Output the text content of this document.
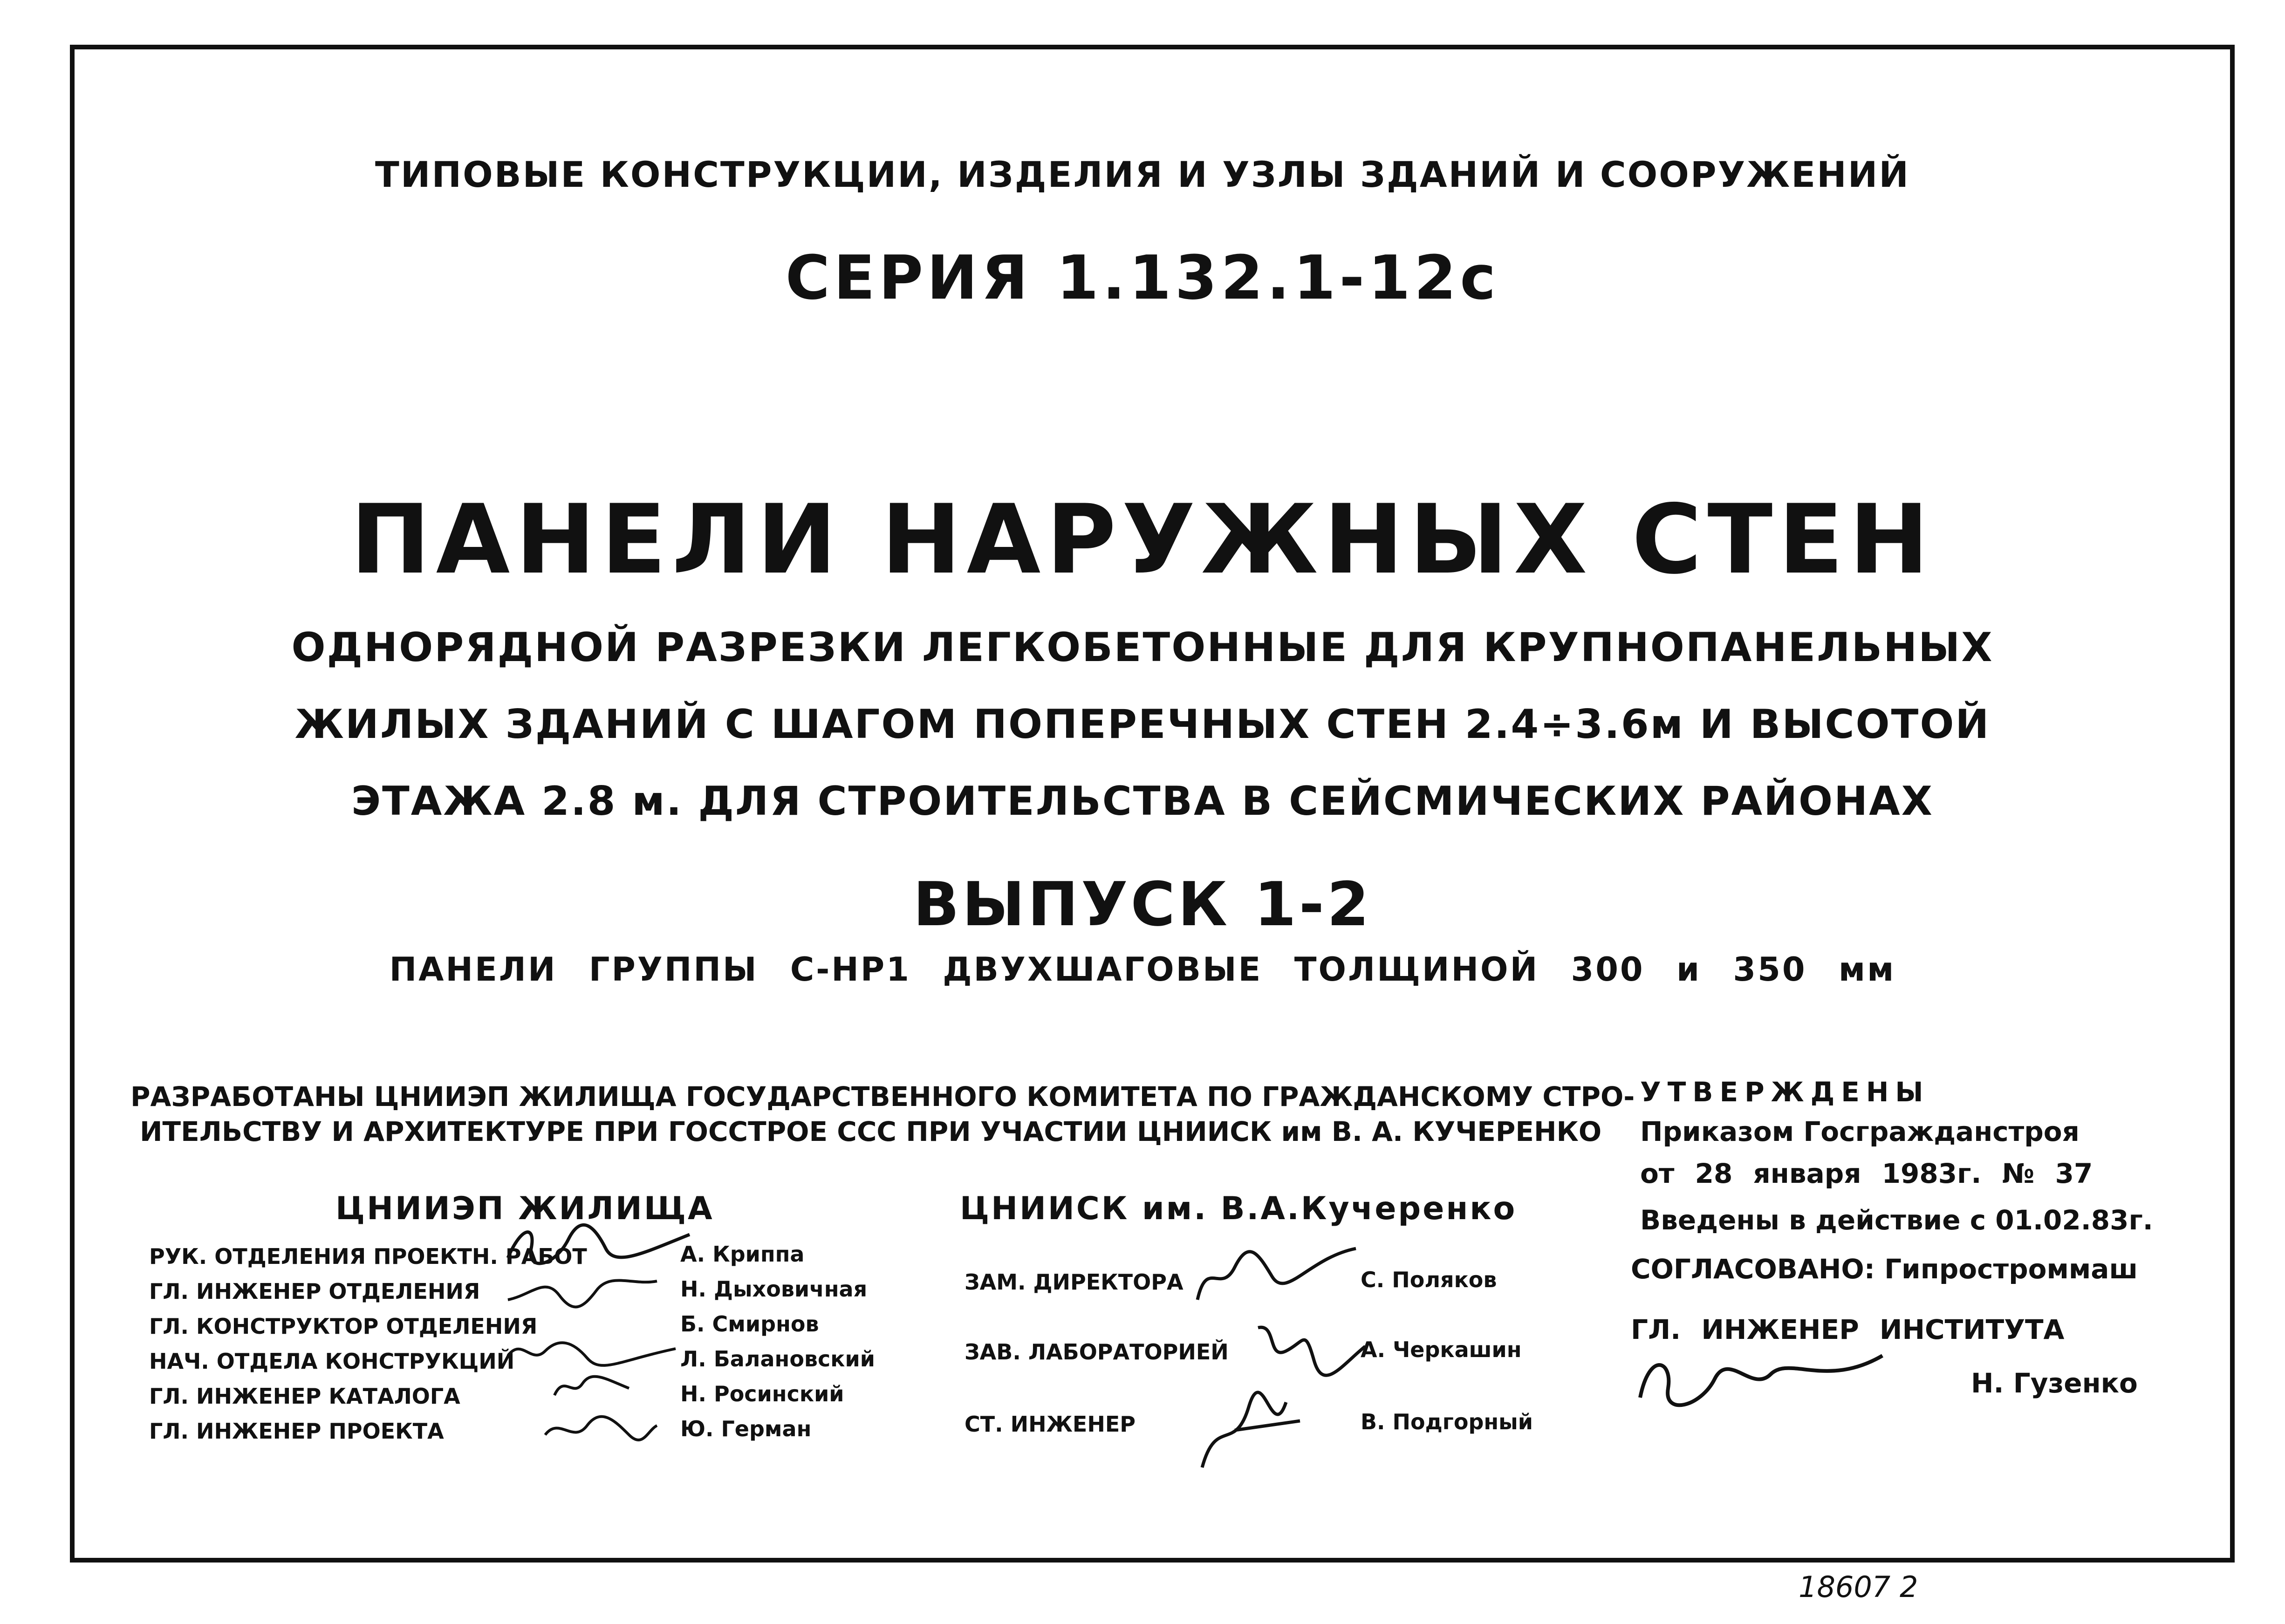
ТИПОВЫЕ КОНСТРУКЦИИ, ИЗДЕЛИЯ И УЗЛЫ ЗДАНИЙ И СООРУЖЕНИЙ
СЕРИЯ 1.132.1-12с
ПАНЕЛИ НАРУЖНЫХ СТЕН
ОДНОРЯДНОЙ РАЗРЕЗКИ ЛЕГКОБЕТОННЫЕ ДЛЯ КРУПНОПАНЕЛЬНЫХ
ЖИЛЫХ ЗДАНИЙ С ШАГОМ ПОПЕРЕЧНЫХ СТЕН 2.4÷3.6м И ВЫСОТОЙ
ЭТАЖА 2.8 м. ДЛЯ СТРОИТЕЛЬСТВА В СЕЙСМИЧЕСКИХ РАЙОНАХ
ВЫПУСК 1-2
ПАНЕЛИ ГРУППЫ С-НР1 ДВУХШАГОВЫЕ ТОЛЩИНОЙ 300 и 350 мм
РАЗРАБОТАНЫ ЦНИИЭП ЖИЛИЩА ГОСУДАРСТВЕННОГО КОМИТЕТА ПО ГРАЖДАНСКОМУ СТРО-
ИТЕЛЬСТВУ И АРХИТЕКТУРЕ ПРИ ГОССТРОЕ ССС ПРИ УЧАСТИИ ЦНИИСК им В. А. КУЧЕРЕНКО
ЦНИИЭП ЖИЛИЩА
РУК. ОТДЕЛЕНИЯ ПРОЕКТН. РАБОТ	А. Криппа
ГЛ. ИНЖЕНЕР ОТДЕЛЕНИЯ	Н. Дыховичная
ГЛ. КОНСТРУКТОР ОТДЕЛЕНИЯ	Б. Смирнов
НАЧ. ОТДЕЛА КОНСТРУКЦИЙ	Л. Балановский
ГЛ. ИНЖЕНЕР КАТАЛОГА	Н. Росинский
ГЛ. ИНЖЕНЕР ПРОЕКТА	Ю. Герман
ЦНИИСК им. В.А.Кучеренко
ЗАМ. ДИРЕКТОРА	С. Поляков
ЗАВ. ЛАБОРАТОРИЕЙ	А. Черкашин
СТ. ИНЖЕНЕР	В. Подгорный
УТВЕРЖДЕНЫ
Приказом Госгражданстроя
от 28 января 1983г. № 37
Введены в действие с 01.02.83г.
СОГЛАСОВАНО: Гипростроммаш
ГЛ. ИНЖЕНЕР ИНСТИТУТА
Н. Гузенко
18607 2
